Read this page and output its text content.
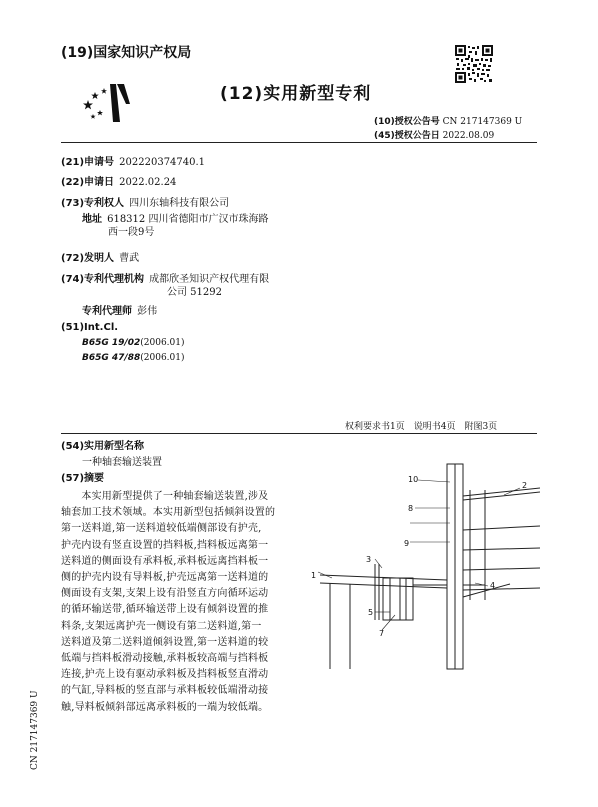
(19)国家知识产权局
(12)实用新型专利
(10)授权公告号 CN 217147369 U
(45)授权公告日 2022.08.09
(21)申请号 202220374740.1
(22)申请日 2022.02.24
(73)专利权人 四川东轴科技有限公司
地址 618312 四川省德阳市广汉市珠海路
西一段9号
(72)发明人 曹武
(74)专利代理机构 成都欣圣知识产权代理有限
公司 51292
专利代理师 彭伟
(51)Int.Cl.
B65G 19/02(2006.01)
B65G 47/88(2006.01)
权利要求书1页　说明书4页　附图3页
(54)实用新型名称
一种轴套输送装置
(57)摘要
　　本实用新型提供了一种轴套输送装置,涉及
轴套加工技术领域。本实用新型包括倾斜设置的
第一送料道,第一送料道较低端侧部设有护壳,
护壳内设有竖直设置的挡料板,挡料板远离第一
送料道的侧面设有承料板,承料板远离挡料板一
侧的护壳内设有导料板,护壳远离第一送料道的
侧面设有支架,支架上设有沿竖直方向循环运动
的循环输送带,循环输送带上设有倾斜设置的推
料条,支架远离护壳一侧设有第二送料道,第一
送料道及第二送料道倾斜设置,第一送料道的较
低端与挡料板滑动接触,承料板较高端与挡料板
连接,护壳上设有驱动承料板及挡料板竖直滑动
的气缸,导料板的竖直部与承料板较低端滑动接
触,导料板倾斜部远离承料板的一端为较低端。
CN 217147369 U
2
10
8
9
3
1
4
5
7
